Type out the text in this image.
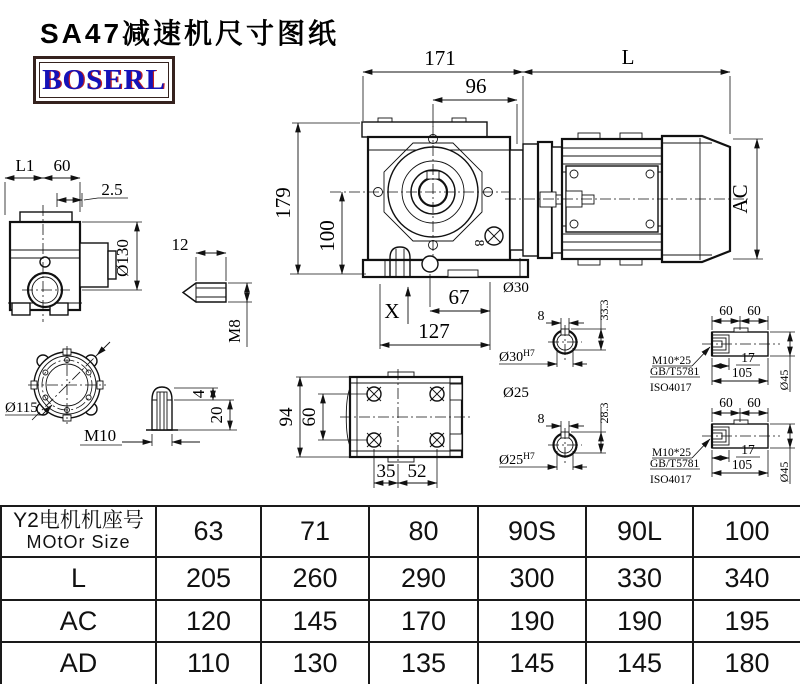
SA47减速机尺寸图纸
BOSERL
171	L
96
179
100
AC
X
67
127
8
L1 60
2.5
Ø130
Ø115
4
20
M10
12
M8
94 60
35 52
Ø30
8	33.3
$Ø30^{H7}$
Ø25
8	28.3
$Ø25^{H7}$
60 60
17
105 Ø45
M10*25
GB/T5781
ISO4017
60 60
17
105 Ø45
M10*25
GB/T5781
ISO4017
Y2电机机座号
MOtOr Size	63	71	80	90S	90L	100
L	205	260	290	300	330	340
AC	120	145	170	190	190	195
AD	110	130	135	145	145	180
